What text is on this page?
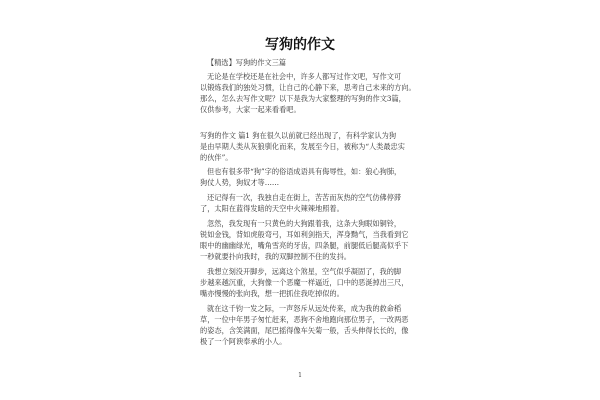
写狗的作文
【精选】写狗的作文三篇
无论是在学校还是在社会中，许多人都写过作文吧，写作文可
以锻炼我们的独处习惯，让自己的心静下来，思考自己未来的方向。
那么，怎么去写作文呢？以下是我为大家整理的写狗的作文3篇，
仅供参考，大家一起来看看吧。
写狗的作文 篇1 狗在很久以前就已经出现了，有科学家认为狗
是由早期人类从灰狼驯化而来，发展至今日，被称为“人类最忠实
的伙伴”。
但也有很多带“狗”字的俗语成语具有侮辱性，如：狼心狗肺，
狗仗人势，狗奴才等……
还记得有一次，我独自走在街上，苦苦而灰热的空气仿佛停滞
了，太阳在蓝得发暗的天空中火辣辣地照着。
忽然，我发现有一只黄色的大狗跟着我，这条大狗眼如铜铃，
锐如金钱，背如虎般弯弓，耳如利剑指天，浑身黝气，当我看到它
眼中的幽幽绿光，嘴角雪亮的牙齿，四条腿，前腿低后腿高似乎下
一秒就要扑向我时，我的双脚控制不住的发抖。
我想立刻没开脚步，远离这个煞星，空气似乎凝固了，我的脚
步越来越沉重，大狗像一个恶魔一样逼近，口中的恶涎掉出三尺，
嘴亦慢慢的张向我，想一把抓住我吃掉似的。
就在这千钧一发之际，一声怒斥从远处传来，成为我的救命稻
草，一位中年男子匆忙赶来，恶狗不舍地跑向那位男子，一改两恶
的姿态，含笑满面，尾巴摇得像车矢菊一般，舌头伸得长长的，像
极了一个阿谀奉承的小人。
1
